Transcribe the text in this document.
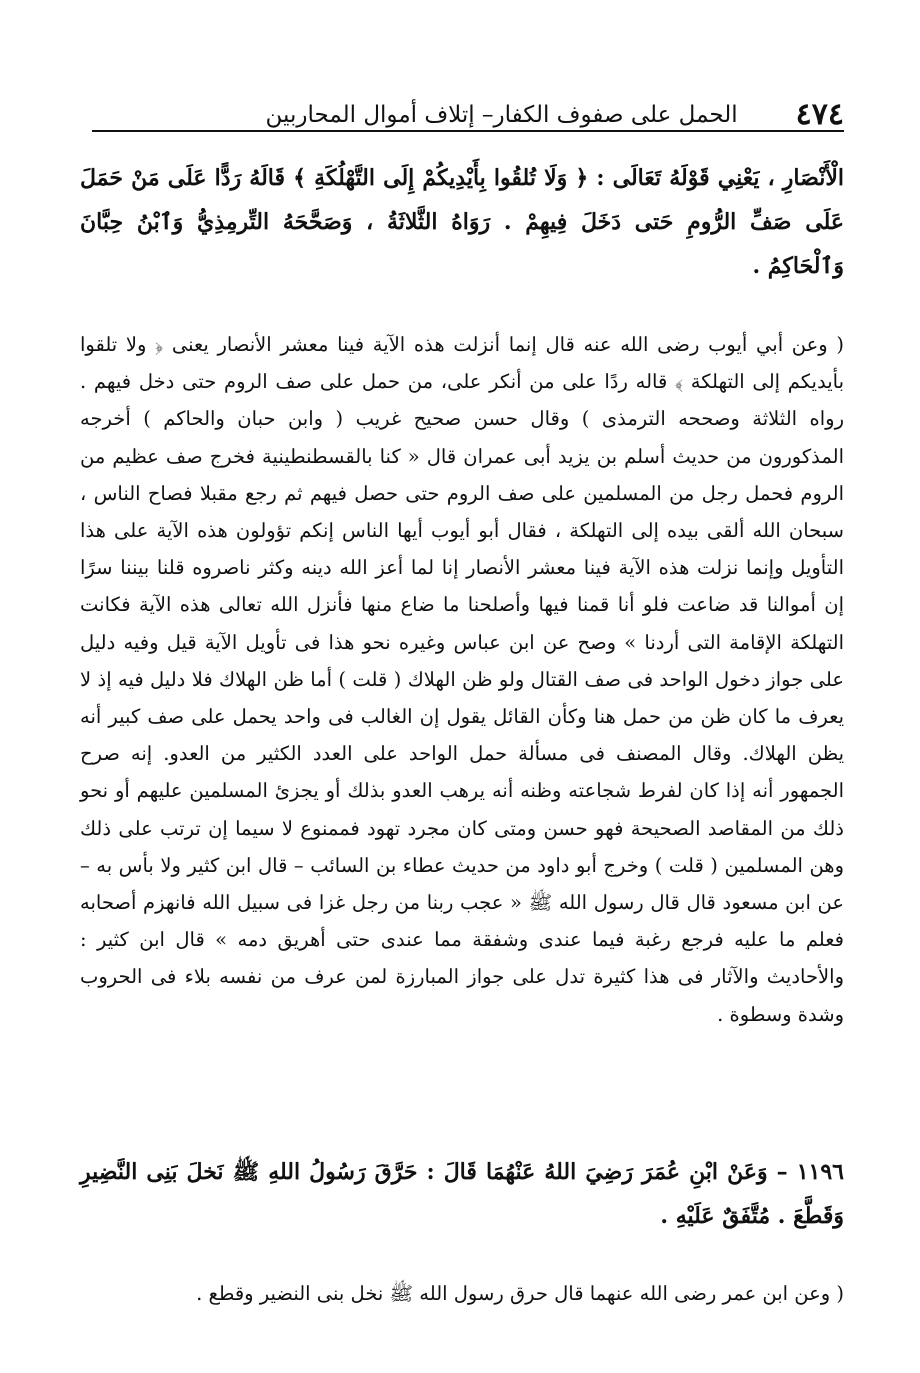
٤٧٤
الحمل على صفوف الكفار– إتلاف أموال المحاربين
الْأَنْصَارِ ، يَعْنِي قَوْلَهُ تَعَالَى : ﴿ وَلَا تُلقُوا بِأَيْدِيكُمْ إِلَى التَّهْلُكَةِ ﴾ قَالَهُ رَدًّا عَلَى مَنْ حَمَلَ عَلَى صَفِّ الرُّومِ حَتى دَخَلَ فِيهِمْ . رَوَاهُ الثَّلاثَةُ ، وَصَحَّحَهُ التِّرمِذِيُّ وَٱبْنُ حِبَّانَ وَٱلْحَاكِمُ .
( وعن أبي أيوب رضى الله عنه قال إنما أنزلت هذه الآية فينا معشر الأنصار يعنى ﴿ ولا تلقوا بأيديكم إلى التهلكة ﴾ قاله ردًا على من أنكر على، من حمل على صف الروم حتى دخل فيهم . رواه الثلاثة وصححه الترمذى ) وقال حسن صحيح غريب ( وابن حبان والحاكم ) أخرجه المذكورون من حديث أسلم بن يزيد أبى عمران قال « كنا بالقسطنطينية فخرج صف عظيم من الروم فحمل رجل من المسلمين على صف الروم حتى حصل فيهم ثم رجع مقبلا فصاح الناس ، سبحان الله ألقى بيده إلى التهلكة ، فقال أبو أيوب أيها الناس إنكم تؤولون هذه الآية على هذا التأويل وإنما نزلت هذه الآية فينا معشر الأنصار إنا لما أعز الله دينه وكثر ناصروه قلنا بيننا سرًا إن أموالنا قد ضاعت فلو أنا قمنا فيها وأصلحنا ما ضاع منها فأنزل الله تعالى هذه الآية فكانت التهلكة الإقامة التى أردنا » وصح عن ابن عباس وغيره نحو هذا فى تأويل الآية قيل وفيه دليل على جواز دخول الواحد فى صف القتال ولو ظن الهلاك ( قلت ) أما ظن الهلاك فلا دليل فيه إذ لا يعرف ما كان ظن من حمل هنا وكأن القائل يقول إن الغالب فى واحد يحمل على صف كبير أنه يظن الهلاك. وقال المصنف فى مسألة حمل الواحد على العدد الكثير من العدو. إنه صرح الجمهور أنه إذا كان لفرط شجاعته وظنه أنه يرهب العدو بذلك أو يجزئ المسلمين عليهم أو نحو ذلك من المقاصد الصحيحة فهو حسن ومتى كان مجرد تهود فممنوع لا سيما إن ترتب على ذلك وهن المسلمين ( قلت ) وخرج أبو داود من حديث عطاء بن السائب – قال ابن كثير ولا بأس به – عن ابن مسعود قال قال رسول الله ﷺ « عجب ربنا من رجل غزا فى سبيل الله فانهزم أصحابه فعلم ما عليه فرجع رغبة فيما عندى وشفقة مما عندى حتى أهريق دمه » قال ابن كثير : والأحاديث والآثار فى هذا كثيرة تدل على جواز المبارزة لمن عرف من نفسه بلاء فى الحروب وشدة وسطوة .
١١٩٦ – وَعَنْ ابْنِ عُمَرَ رَضِيَ اللهُ عَنْهُمَا قَالَ : حَرَّقَ رَسُولُ اللهِ ﷺ نَخلَ بَنِى النَّضِيرِ وَقَطَّعَ . مُتَّفَقٌ عَلَيْهِ .
( وعن ابن عمر رضى الله عنهما قال حرق رسول الله ﷺ نخل بنى النضير وقطع .
